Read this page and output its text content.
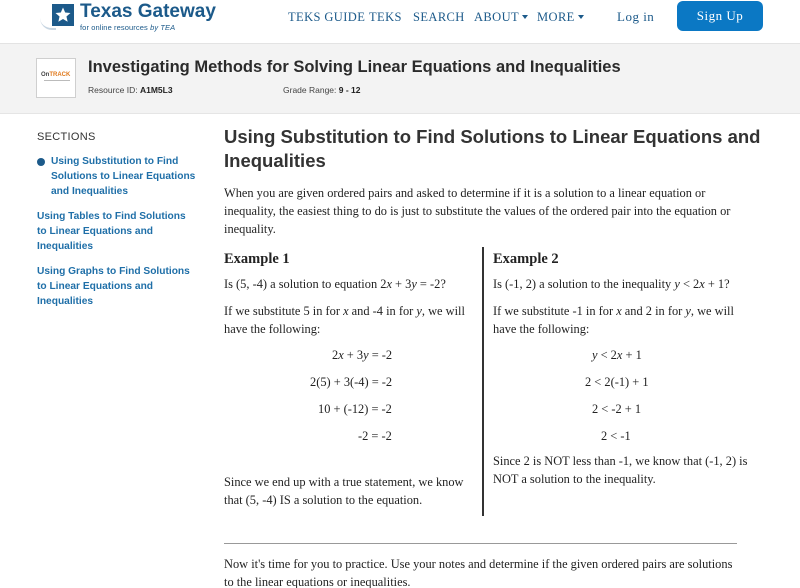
Texas Gateway
for online resources by TEA
TEKS GUIDE TEKS SEARCH ABOUT	MORE	Log in	Sign Up
OnTRACK Investigating Methods for Solving Linear Equations and Inequalities
Resource ID: A1M5L3	Grade Range: 9 - 12
SECTIONS
Using Substitution to Find Solutions to Linear Equations and Inequalities
Using Tables to Find Solutions to Linear Equations and Inequalities
Using Graphs to Find Solutions to Linear Equations and Inequalities
Using Substitution to Find Solutions to Linear Equations and Inequalities
When you are given ordered pairs and asked to determine if it is a solution to a linear equation or inequality, the easiest thing to do is just to substitute the values of the ordered pair into the equation or inequality.
Example 1

Is (5, -4) a solution to equation 2x + 3y = -2?

If we substitute 5 in for x and -4 in for y, we will have the following:

2x + 3y = -2
2(5) + 3(-4) = -2
10 + (-12) = -2
-2 = -2

Since we end up with a true statement, we know that (5, -4) IS a solution to the equation.

Example 2

Is (-1, 2) a solution to the inequality y < 2x + 1?

If we substitute -1 in for x and 2 in for y, we will have the following:

y < 2x + 1
2 < 2(-1) + 1
2 < -2 + 1
2 < -1

Since 2 is NOT less than -1, we know that (-1, 2) is NOT a solution to the inequality.

Now it's time for you to practice. Use your notes and determine if the given ordered pairs are solutions to the linear equations or inequalities.
